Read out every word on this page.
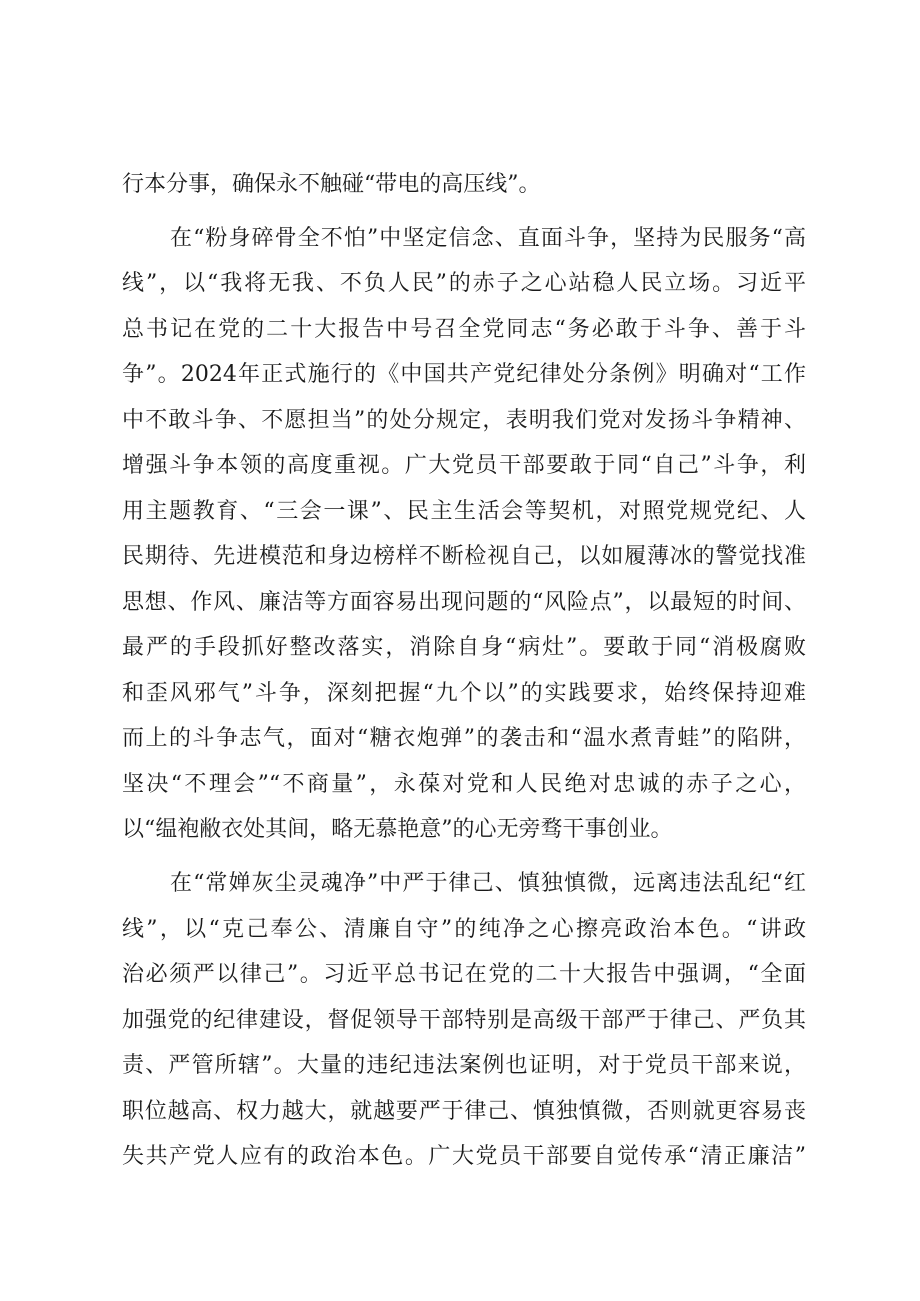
行本分事，确保永不触碰“带电的高压线”。
在“粉身碎骨全不怕”中坚定信念、直面斗争，坚持为民服务“高
线”，以“我将无我、不负人民”的赤子之心站稳人民立场。习近平
总书记在党的二十大报告中号召全党同志“务必敢于斗争、善于斗
争”。2024年正式施行的《中国共产党纪律处分条例》明确对“工作
中不敢斗争、不愿担当”的处分规定，表明我们党对发扬斗争精神、
增强斗争本领的高度重视。广大党员干部要敢于同“自己”斗争，利
用主题教育、“三会一课”、民主生活会等契机，对照党规党纪、人
民期待、先进模范和身边榜样不断检视自己，以如履薄冰的警觉找准
思想、作风、廉洁等方面容易出现问题的“风险点”，以最短的时间、
最严的手段抓好整改落实，消除自身“病灶”。要敢于同“消极腐败
和歪风邪气”斗争，深刻把握“九个以”的实践要求，始终保持迎难
而上的斗争志气，面对“糖衣炮弹”的袭击和“温水煮青蛙”的陷阱，
坚决“不理会”“不商量”，永葆对党和人民绝对忠诚的赤子之心，
以“缊袍敝衣处其间，略无慕艳意”的心无旁骛干事创业。
在“常婵灰尘灵魂净”中严于律己、慎独慎微，远离违法乱纪“红
线”，以“克己奉公、清廉自守”的纯净之心擦亮政治本色。“讲政
治必须严以律己”。习近平总书记在党的二十大报告中强调，“全面
加强党的纪律建设，督促领导干部特别是高级干部严于律己、严负其
责、严管所辖”。大量的违纪违法案例也证明，对于党员干部来说，
职位越高、权力越大，就越要严于律己、慎独慎微，否则就更容易丧
失共产党人应有的政治本色。广大党员干部要自觉传承“清正廉洁”
